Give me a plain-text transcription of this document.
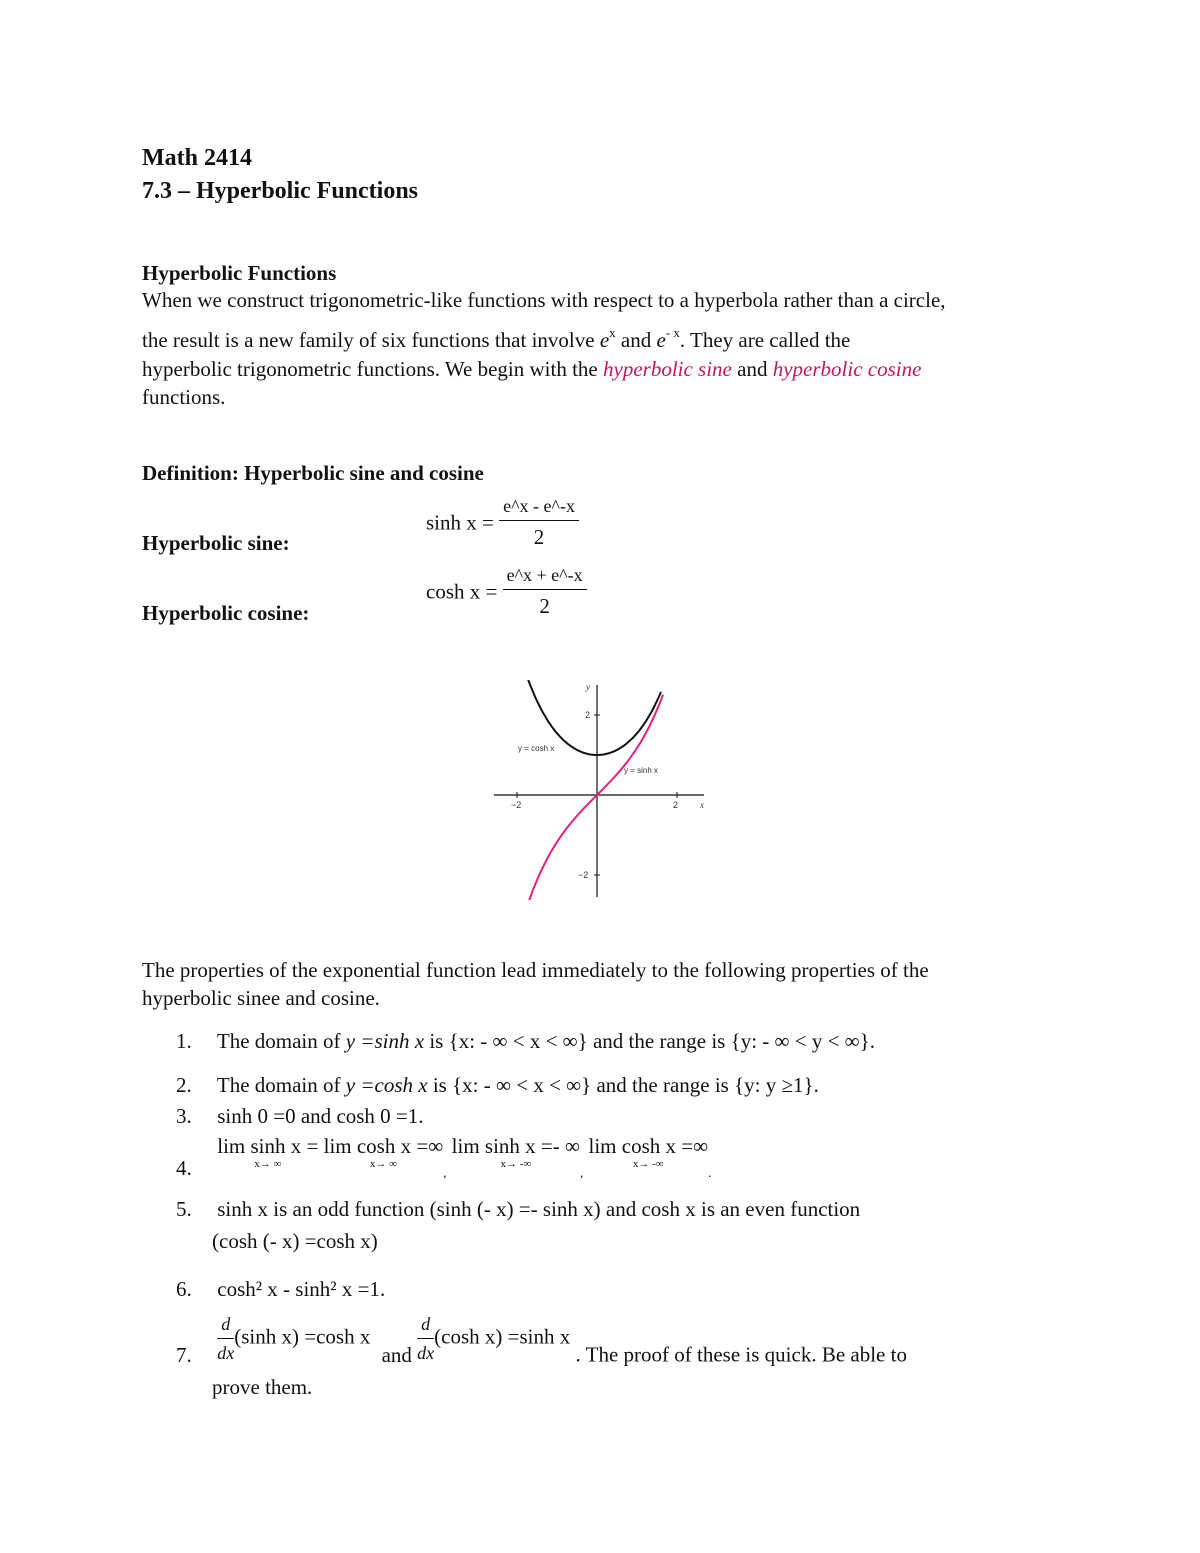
Math 2414
7.3 – Hyperbolic Functions
Hyperbolic Functions

When we construct trigonometric-like functions with respect to a hyperbola rather than a circle,

the result is a new family of six functions that involve $e^x$ and $e^{- x}$. They are called the

hyperbolic trigonometric functions. We begin with the hyperbolic sine and hyperbolic cosine

functions.

Definition: Hyperbolic sine and cosine
$\sinh x = \frac{e\^{}x - e\^{}-x}{2}$
Hyperbolic sine:
$\cosh x = \frac{e\^{}x + e\^{}-x}{2}$
Hyperbolic cosine:
−2	2
2
−2
y
x
y = cosh x
y = sinh x

The properties of the exponential function lead immediately to the following properties of the

hyperbolic sinee and cosine.

1. The domain of y =sinh x is {x: - ∞ < x < ∞} and the range is {y: - ∞ < y < ∞}.
2. The domain of y =cosh x is {x: - ∞ < x < ∞} and the range is {y: y ≥1}.
3. sinh 0 =0 and cosh 0 =1.
4.
lim sinh x =
x→ ∞

lim cosh x =∞
x→ ∞
$_,$
lim sinh x =- ∞
x→ -∞
$_,$
lim cosh x =∞
x→ -∞
$_.$
5. sinh x is an odd function (sinh (- x) =- sinh x) and cosh x is an even function
(cosh (- x) =cosh x)
6. cosh² x - sinh² x =1.
7. $\frac{d}{dx} (\sinh$ x) =cosh x and $\frac{d}{dx} (\cosh$ x) =sinh x . The proof of these is quick. Be able to
prove them.
